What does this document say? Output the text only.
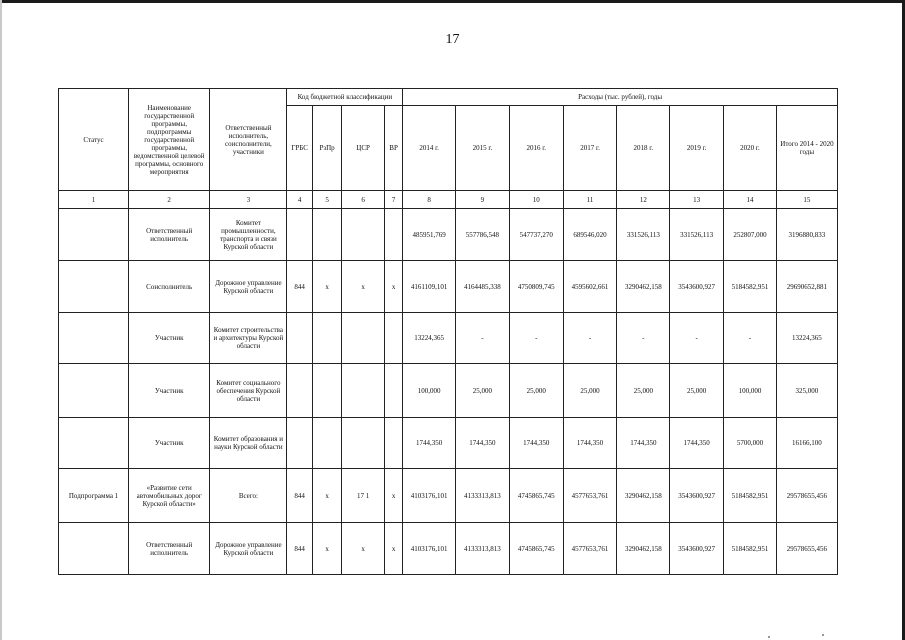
17
Статус	Наименование государственной программы, подпрограммы государственной программы, ведомственной целевой программы, основного мероприятия	Ответственный исполнитель, соисполнители, участники	Код бюджетной классификации				Расходы (тыс. рублей), годы							
			ГРБС	РзПр	ЦСР	ВР	2014 г.	2015 г.	2016 г.	2017 г.	2018 г.	2019 г.	2020 г.	Итого 2014 - 2020 годы
1	2	3	4	5	6	7	8	9	10	11	12	13	14	15
	Ответственный исполнитель	Комитет промышленности, транспорта и связи Курской области					485951,769	557786,548	547737,270	689546,020	331526,113	331526,113	252807,000	3196880,833
	Соисполнитель	Дорожное управление Курской области	844	х	х	х	4161109,101	4164485,338	4750809,745	4595602,661	3290462,158	3543600,927	5184582,951	29690652,881
	Участник	Комитет строительства и архитектуры Курской области					13224,365	-	-	-	-	-	-	13224,365
	Участник	Комитет социального обеспечения Курской области					100,000	25,000	25,000	25,000	25,000	25,000	100,000	325,000
	Участник	Комитет образования и науки Курской области					1744,350	1744,350	1744,350	1744,350	1744,350	1744,350	5700,000	16166,100
Подпрограмма 1	«Развитие сети автомобильных дорог Курской области»	Всего:	844	х	17 1	х	4103176,101	4133313,813	4745865,745	4577653,761	3290462,158	3543600,927	5184582,951	29578655,456
	Ответственный исполнитель	Дорожное управление Курской области	844	х	х	х	4103176,101	4133313,813	4745865,745	4577653,761	3290462,158	3543600,927	5184582,951	29578655,456
